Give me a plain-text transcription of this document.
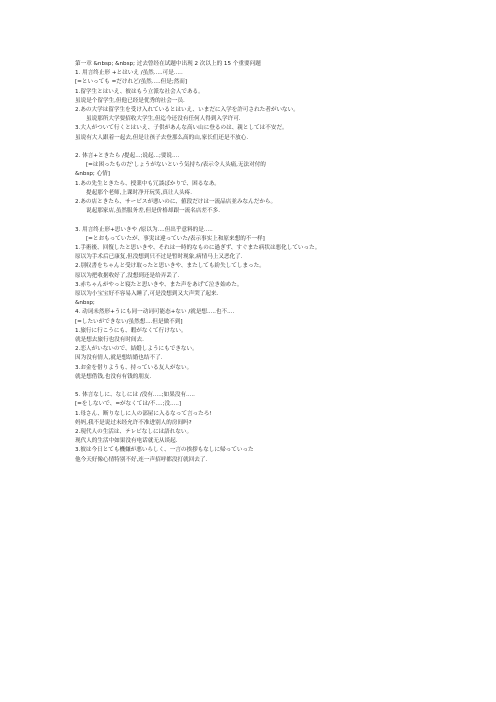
第一章 &nbsp; &nbsp; 过去曾经在试题中出现 2 次以上的 15 个重要问题
1. 用言终止形 +とはいえ /虽然.....可是.....
[=といっても =だけれど/虽然.....但是;然而]
1.留学生とはいえ、彼はもう立派な社会人である。
虽说是个留学生,但他已经是优秀的社会一员.
2.あの大学は留学生を受け入れているとはいえ、いまだに入学を許可された者がいない。
虽说那所大学要招收大学生,但迄今还没有任何人得到入学许可.
3.大人がついて行くとはいえ、子供があんな高い山に登るのは、親としては不安だ。
虽说有大人跟着一起去,但是让孩子去登那么高的山,家长们还是不放心.
2. 体言+ときたら /提起...;说起...;要说....
[=は困ったものだ'しょうがないという気持ち/表示令人头痛,无法对付的
&nbsp; 心情]
1.あの先生ときたら、授業中も冗談ばかりで、困るなあ。
提起那个老师,上课时净开玩笑,真让人头疼.
2.あの店ときたら、サービスが悪いのに、値段だけは一流品店並みなんだから。
说起那家店,虽然服务差,但是价格却跟一流名店差不多.
3. 用言终止形+思いきや /原以为....但出乎意料的是.....
[=とおもっていたが、事実は違っていた/表示事实上和原来想的不一样]
1.手術後、回復したと思いきや、それは一時的なものに過ぎず、すぐまた病状は悪化していった。
原以为手术后已康复,但没想到只不过是暂时现象,病情马上又恶化了.
2.别収書をちゃんと受け取ったと思いきや、またしても紛失してしまった。
原以为把收据收好了,没想到还是给弄丢了.
3.赤ちゃんがやっと寝たと思いきや、また声をあげて泣き始めた。
原以为小宝宝好不容易入睡了,可是没想到又大声哭了起来.
&nbsp;
4. 动词未然形+うにも同一动词可能态+ない /就是想.....也不....
[=したいができない/虽然想....但是做不到]
1.旅行に行こうにも、暇がなくて行けない。
就是想去旅行也没有时间去.
2.恋人がいないので、結婚しようにもできない。
因为没有情人,就是想结婚也结不了.
3.お金を借りようも、持っている友人がない。
就是想借钱,也没有有钱的朋友.
5. 体言なしに、なしには /没有.....;如果没有.....
[=をしないで、=がなくては/不....;没.....]
1.母さん、断りなしに人の部屋に入るなって言ったろ!
妈妈,我不是说过未经允许不准进别人的房间吗?
2.現代人の生活は、テレビなしには語れない。
现代人的生活中如果没有电话就无从谈起.
3.彼は今日とても機嫌が悪いらしく、一言の挨拶もなしに帰っていった
他今天好像心情特别不好,连一声招呼都没打就回去了.
